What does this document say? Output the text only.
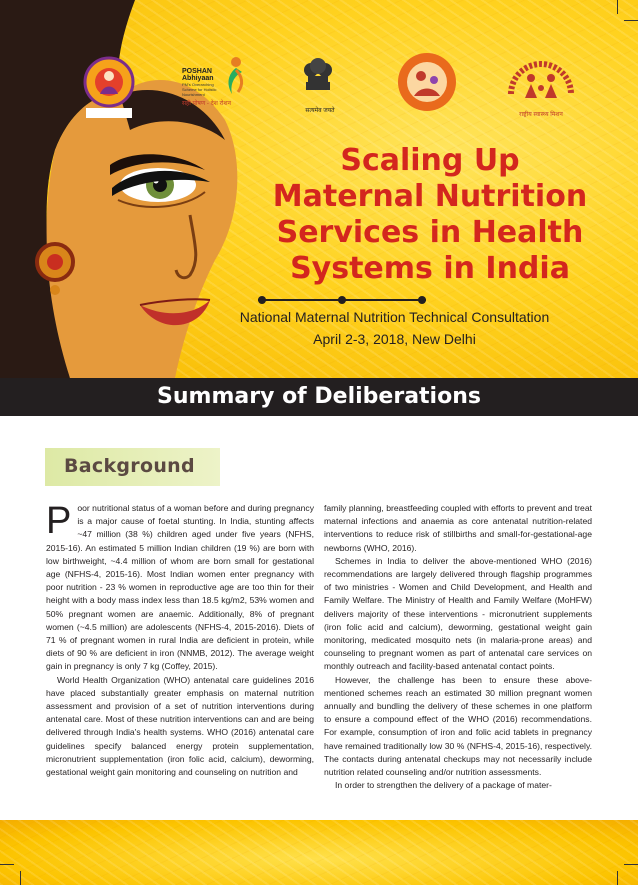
POSHAN
Abhiyaan
PM's Overarching
Scheme for Holistic
Nourishment
सही पोषण - देश रोशन
सत्यमेव जयते
राष्ट्रीय स्वास्थ्य मिशन
Scaling Up
Maternal Nutrition
Services in Health
Systems in India
National Maternal Nutrition Technical Consultation
April 2-3, 2018, New Delhi
Summary of Deliberations
Background

Poor nutritional status of a woman before and during pregnancy is a major cause of foetal stunting. In India, stunting affects ~47 million (38 %) children aged under five years (NFHS, 2015-16). An estimated 5 million Indian children (19 %) are born with low birthweight, ~4.4 million of whom are born small for gestational age (NFHS-4, 2015-16). Most Indian women enter pregnancy with poor nutrition - 23 % women in reproductive age are too thin for their height with a body mass index less than 18.5 kg/m2, 53% women and 50% pregnant women are anaemic. Additionally, 8% of pregnant women (~4.5 million) are adolescents (NFHS-4, 2015-2016). Diets of 71 % of pregnant women in rural India are deficient in protein, while diets of 90 % are deficient in iron (NNMB, 2012). The average weight gain in pregnancy is only 7 kg (Coffey, 2015).

World Health Organization (WHO) antenatal care guidelines 2016 have placed substantially greater emphasis on maternal nutrition assessment and provision of a set of nutrition interventions during antenatal care. Most of these nutrition interventions can and are being delivered through India's health systems. WHO (2016) antenatal care guidelines specify balanced energy protein supplementation, micronutrient supplementation (iron folic acid, calcium), deworming, gestational weight gain monitoring and counseling on nutrition and

family planning, breastfeeding coupled with efforts to prevent and treat maternal infections and anaemia as core antenatal nutrition-related interventions to reduce risk of stillbirths and small-for-gestational-age newborns (WHO, 2016).

Schemes in India to deliver the above-mentioned WHO (2016) recommendations are largely delivered through flagship programmes of two ministries - Women and Child Development, and Health and Family Welfare. The Ministry of Health and Family Welfare (MoHFW) delivers majority of these interventions - micronutrient supplements (iron folic acid and calcium), deworming, gestational weight gain monitoring, medicated mosquito nets (in malaria-prone areas) and counseling to pregnant women as part of antenatal care services on monthly outreach and facility-based antenatal contact points.

However, the challenge has been to ensure these above-mentioned schemes reach an estimated 30 million pregnant women annually and bundling the delivery of these schemes in one platform to ensure a compound effect of the WHO (2016) recommendations. For example, consumption of iron and folic acid tablets in pregnancy have remained traditionally low 30 % (NFHS-4, 2015-16), respectively. The contacts during antenatal checkups may not necessarily include nutrition related counseling and/or nutrition assessments.

In order to strengthen the delivery of a package of mater-
